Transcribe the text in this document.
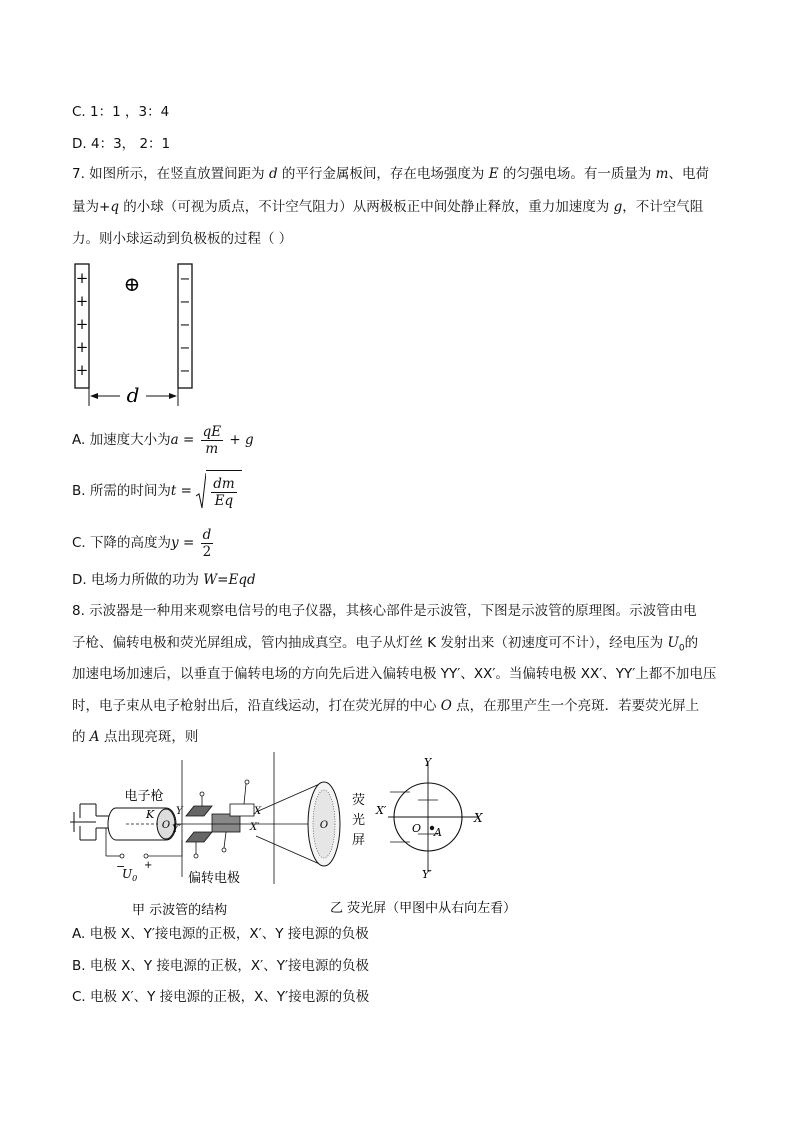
C. 1：1 ，3：4
D. 4：3， 2：1
7. 如图所示，在竖直放置间距为 d 的平行金属板间，存在电场强度为 E 的匀强电场。有一质量为 m、电荷
量为+q 的小球（可视为质点，不计空气阻力）从两极板正中间处静止释放，重力加速度为 g，不计空气阻
力。则小球运动到负极板的过程（ ）
+
+
+
+
+
−
−
−
−
−
⊕
d
A. 加速度大小为$a = \frac{qE}{m} + g$
B. 所需的时间为$t = \frac{dm}{Eq}$
C. 下降的高度为$y = \frac{d}{2}$
D. 电场力所做的功为 W=Eqd
8. 示波器是一种用来观察电信号的电子仪器，其核心部件是示波管，下图是示波管的原理图。示波管由电
子枪、偏转电极和荧光屏组成，管内抽成真空。电子从灯丝 K 发射出来（初速度可不计），经电压为 $U_0$的
加速电场加速后，以垂直于偏转电场的方向先后进入偏转电极 YY′、XX′。当偏转电极 XX′、YY′上都不加电压
时，电子束从电子枪射出后，沿直线运动，打在荧光屏的中心 O 点，在那里产生一个亮斑．若要荧光屏上
的 A 点出现亮斑，则
O
电子枪
K Y
Y′
X
X′	O
荧
光
屏
− +
$U_0$	偏转电极
甲 示波管的结构
Y
Y′
X
X′
O A
乙 荧光屏（甲图中从右向左看）
A. 电极 X、Y′接电源的正极，X′、Y 接电源的负极
B. 电极 X、Y 接电源的正极，X′、Y′接电源的负极
C. 电极 X′、Y 接电源的正极，X、Y′接电源的负极
